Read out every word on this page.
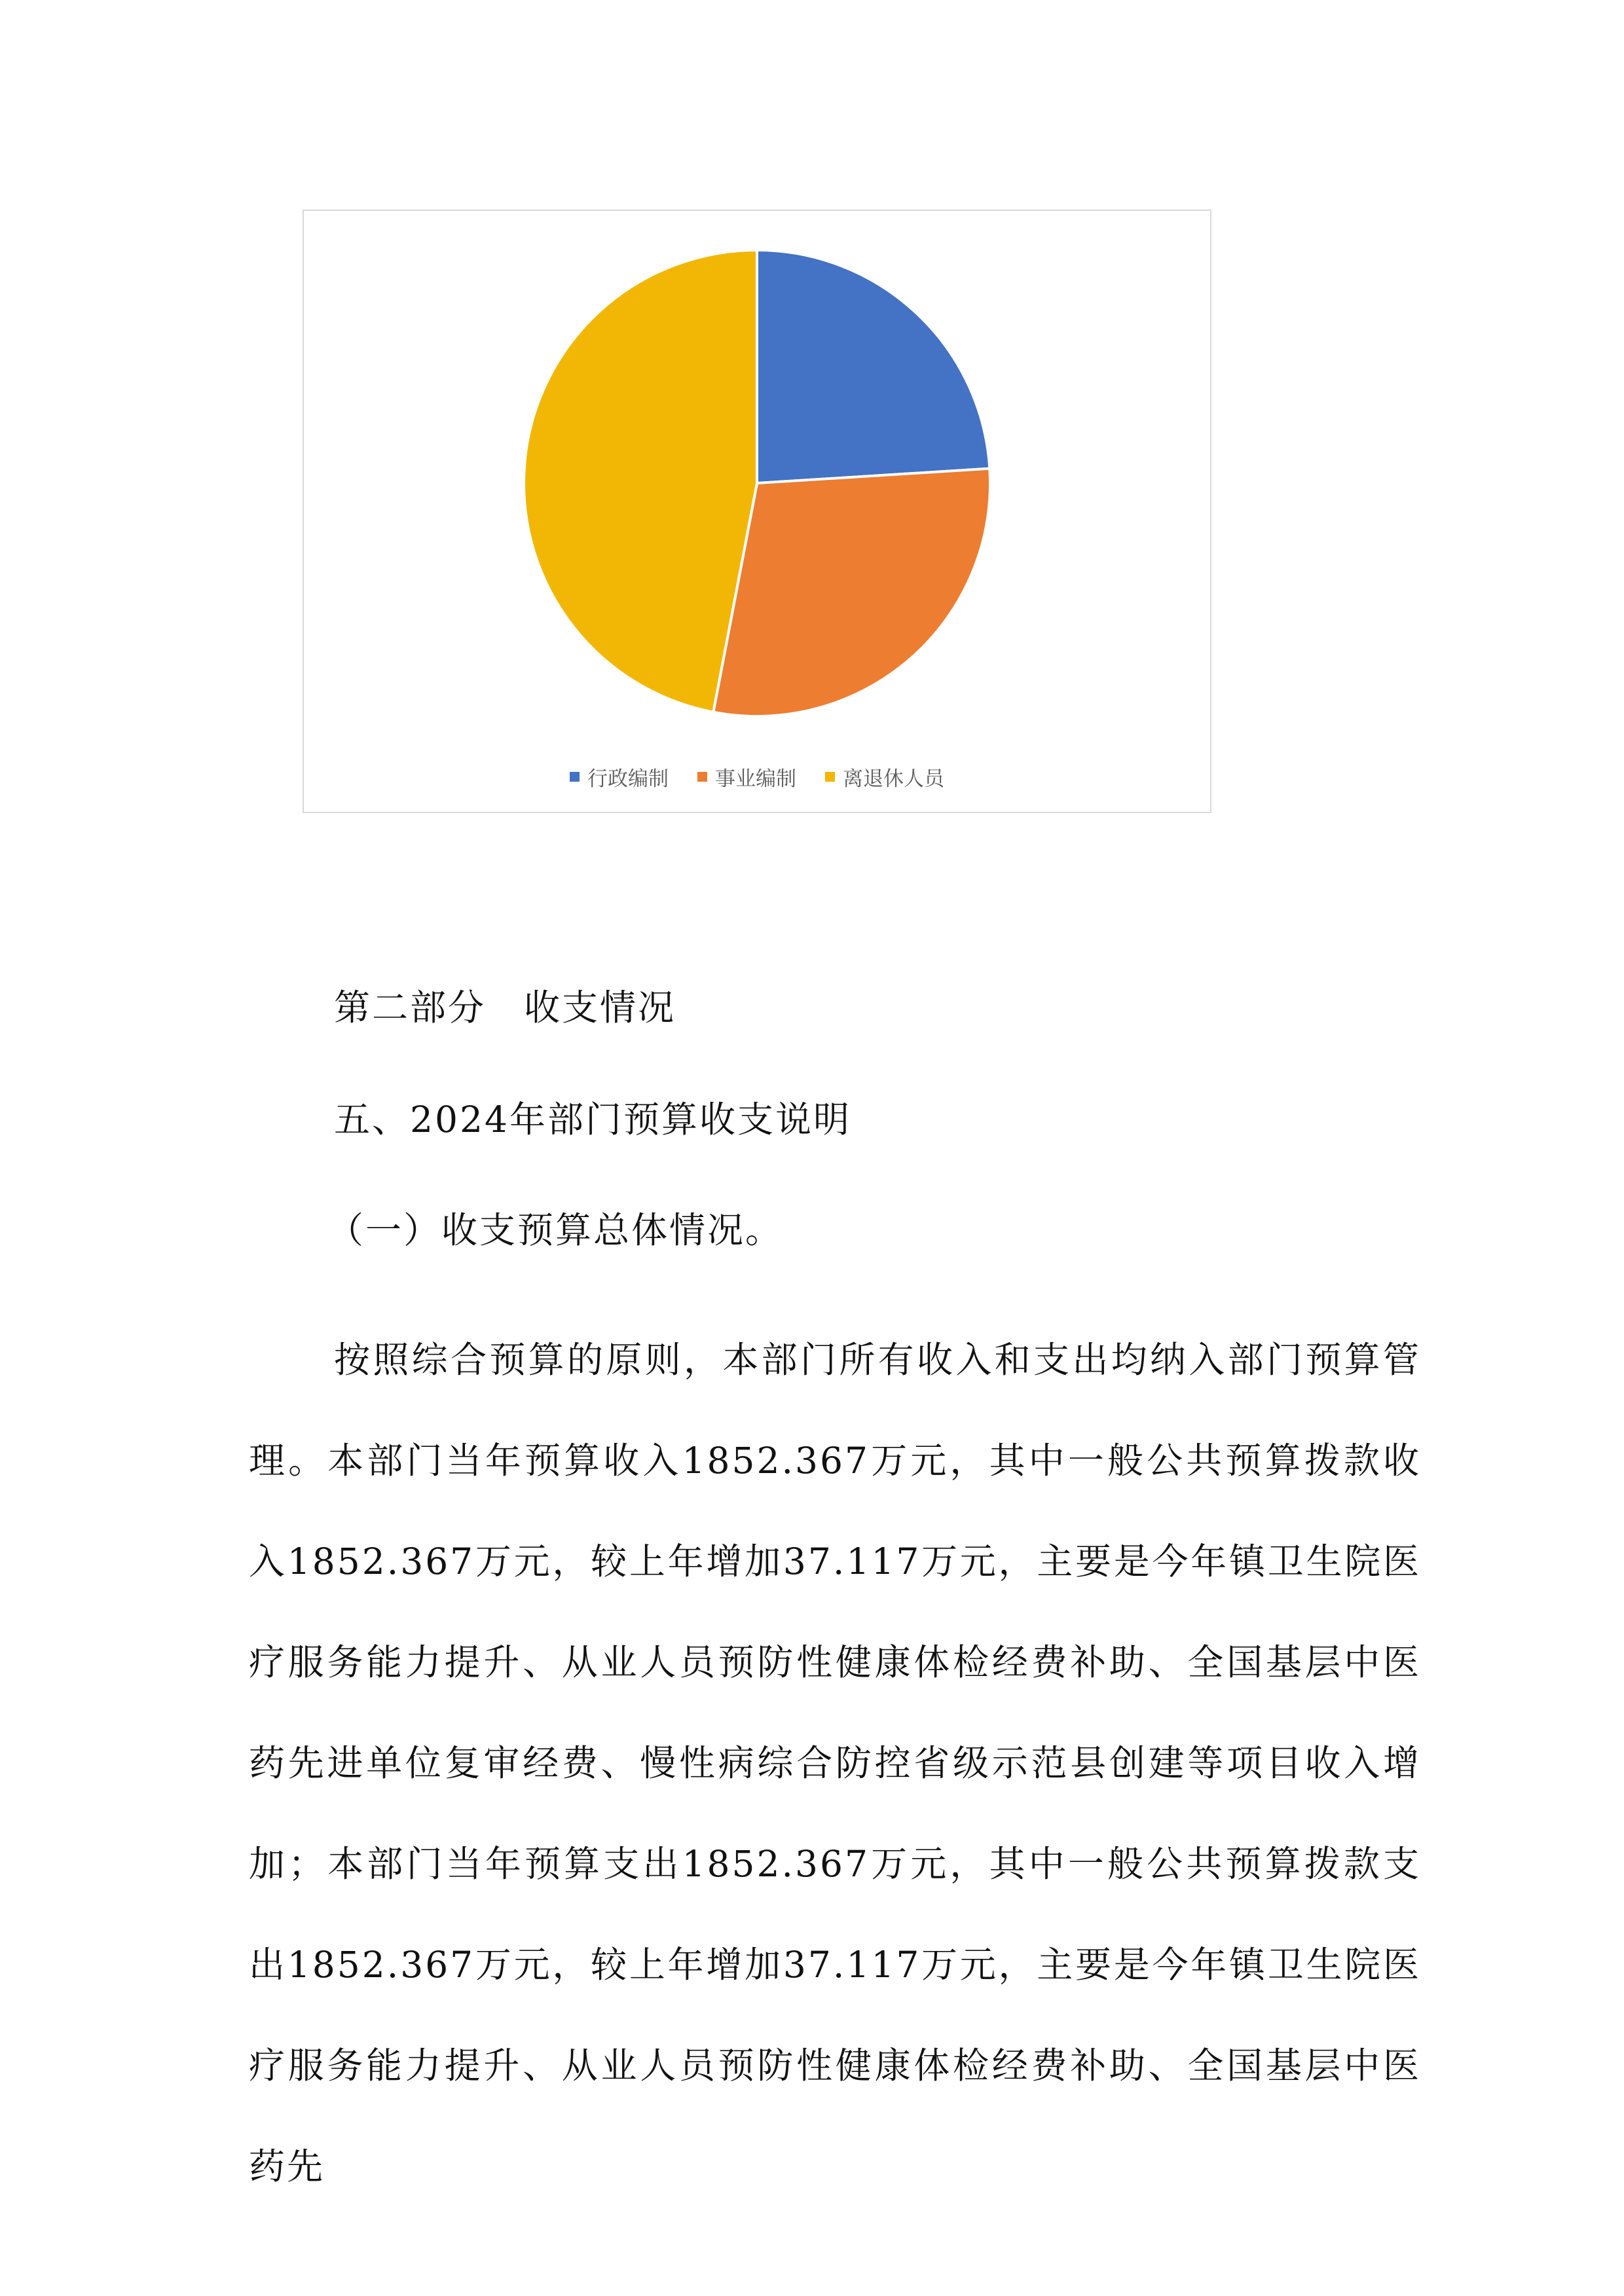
行政编制 事业编制 离退休人员
第二部分　收支情况
五、2024年部门预算收支说明
（一）收支预算总体情况。

按照综合预算的原则，本部门所有收入和支出均纳入部门预算管理。本部门当年预算收入1852.367万元，其中一般公共预算拨款收入1852.367万元，较上年增加37.117万元，主要是今年镇卫生院医疗服务能力提升、从业人员预防性健康体检经费补助、全国基层中医药先进单位复审经费、慢性病综合防控省级示范县创建等项目收入增加；本部门当年预算支出1852.367万元，其中一般公共预算拨款支出1852.367万元，较上年增加37.117万元，主要是今年镇卫生院医疗服务能力提升、从业人员预防性健康体检经费补助、全国基层中医药先
